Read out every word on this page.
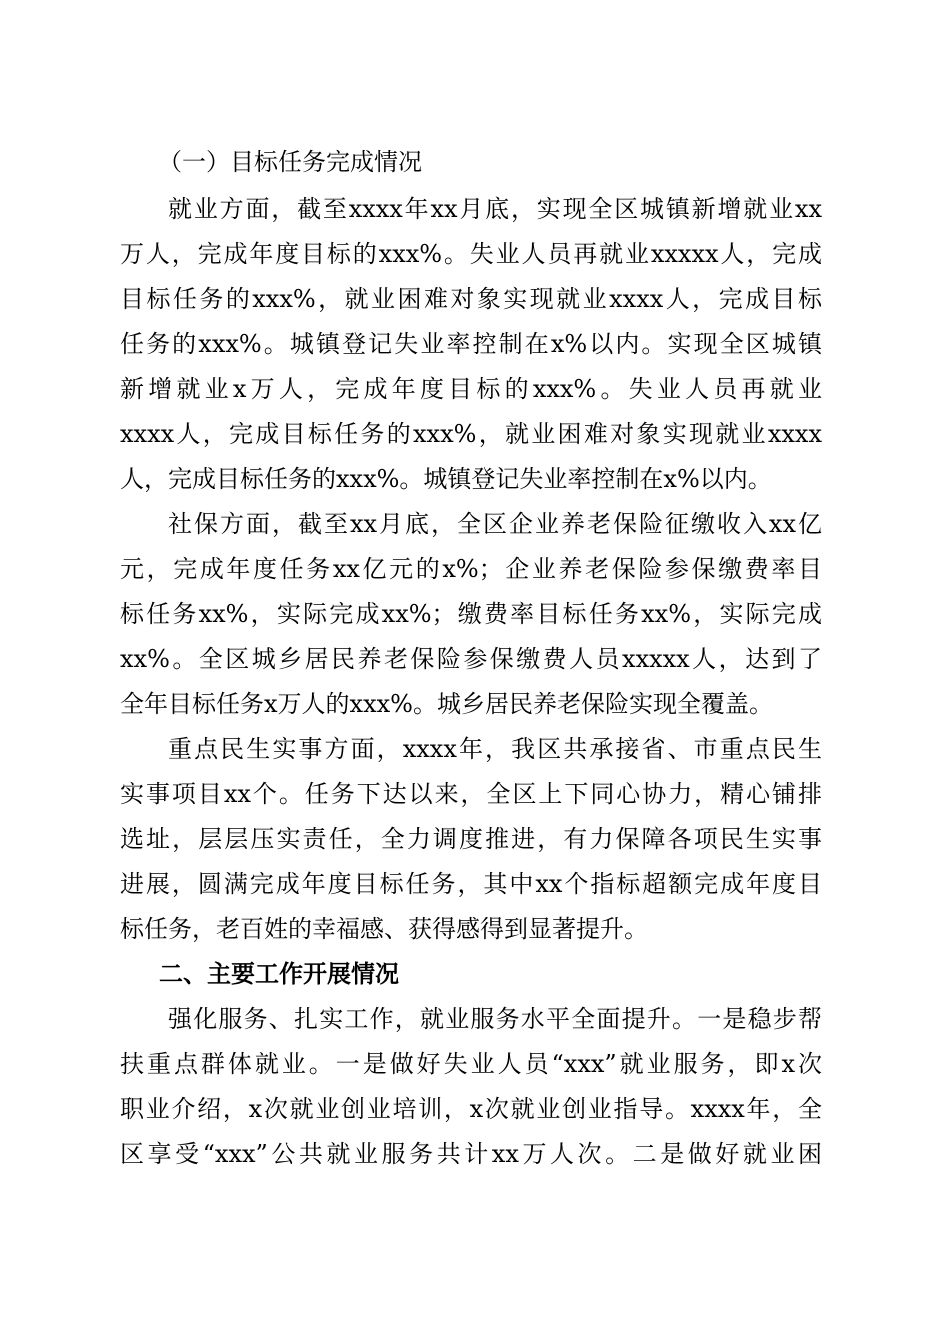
（一）目标任务完成情况
就业方面，截至xxxx年xx月底，实现全区城镇新增就业xx
万人，完成年度目标的xxx%。失业人员再就业xxxxx人，完成
目标任务的xxx%，就业困难对象实现就业xxxx人，完成目标
任务的xxx%。城镇登记失业率控制在x%以内。实现全区城镇
新增就业x万人，完成年度目标的xxx%。失业人员再就业
xxxx人，完成目标任务的xxx%，就业困难对象实现就业xxxx
人，完成目标任务的xxx%。城镇登记失业率控制在x%以内。
社保方面，截至xx月底，全区企业养老保险征缴收入xx亿
元，完成年度任务xx亿元的x%；企业养老保险参保缴费率目
标任务xx%，实际完成xx%；缴费率目标任务xx%，实际完成
xx%。全区城乡居民养老保险参保缴费人员xxxxx人，达到了
全年目标任务x万人的xxx%。城乡居民养老保险实现全覆盖。
重点民生实事方面，xxxx年，我区共承接省、市重点民生
实事项目xx个。任务下达以来，全区上下同心协力，精心铺排
选址，层层压实责任，全力调度推进，有力保障各项民生实事
进展，圆满完成年度目标任务，其中xx个指标超额完成年度目
标任务，老百姓的幸福感、获得感得到显著提升。
二、主要工作开展情况
强化服务、扎实工作，就业服务水平全面提升。一是稳步帮
扶重点群体就业。一是做好失业人员“xxx”就业服务，即x次
职业介绍，x次就业创业培训，x次就业创业指导。xxxx年，全
区享受“xxx”公共就业服务共计xx万人次。二是做好就业困
